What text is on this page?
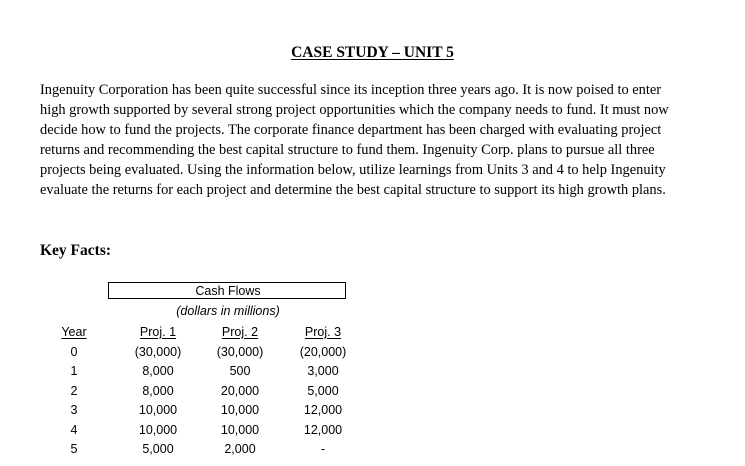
CASE STUDY – UNIT 5

Ingenuity Corporation has been quite successful since its inception three years ago. It is now poised to enter high growth supported by several strong project opportunities which the company needs to fund. It must now decide how to fund the projects. The corporate finance department has been charged with evaluating project returns and recommending the best capital structure to fund them. Ingenuity Corp. plans to pursue all three projects being evaluated. Using the information below, utilize learnings from Units 3 and 4 to help Ingenuity evaluate the returns for each project and determine the best capital structure to support its high growth plans.

Key Facts:
Cash Flows
(dollars in millions)
Year
0
1
2
3
4
5
Proj. 1
(30,000)
8,000
8,000
10,000
10,000
5,000
Proj. 2
(30,000)
500
20,000
10,000
10,000
2,000
Proj. 3
(20,000)
3,000
5,000
12,000
12,000
-
